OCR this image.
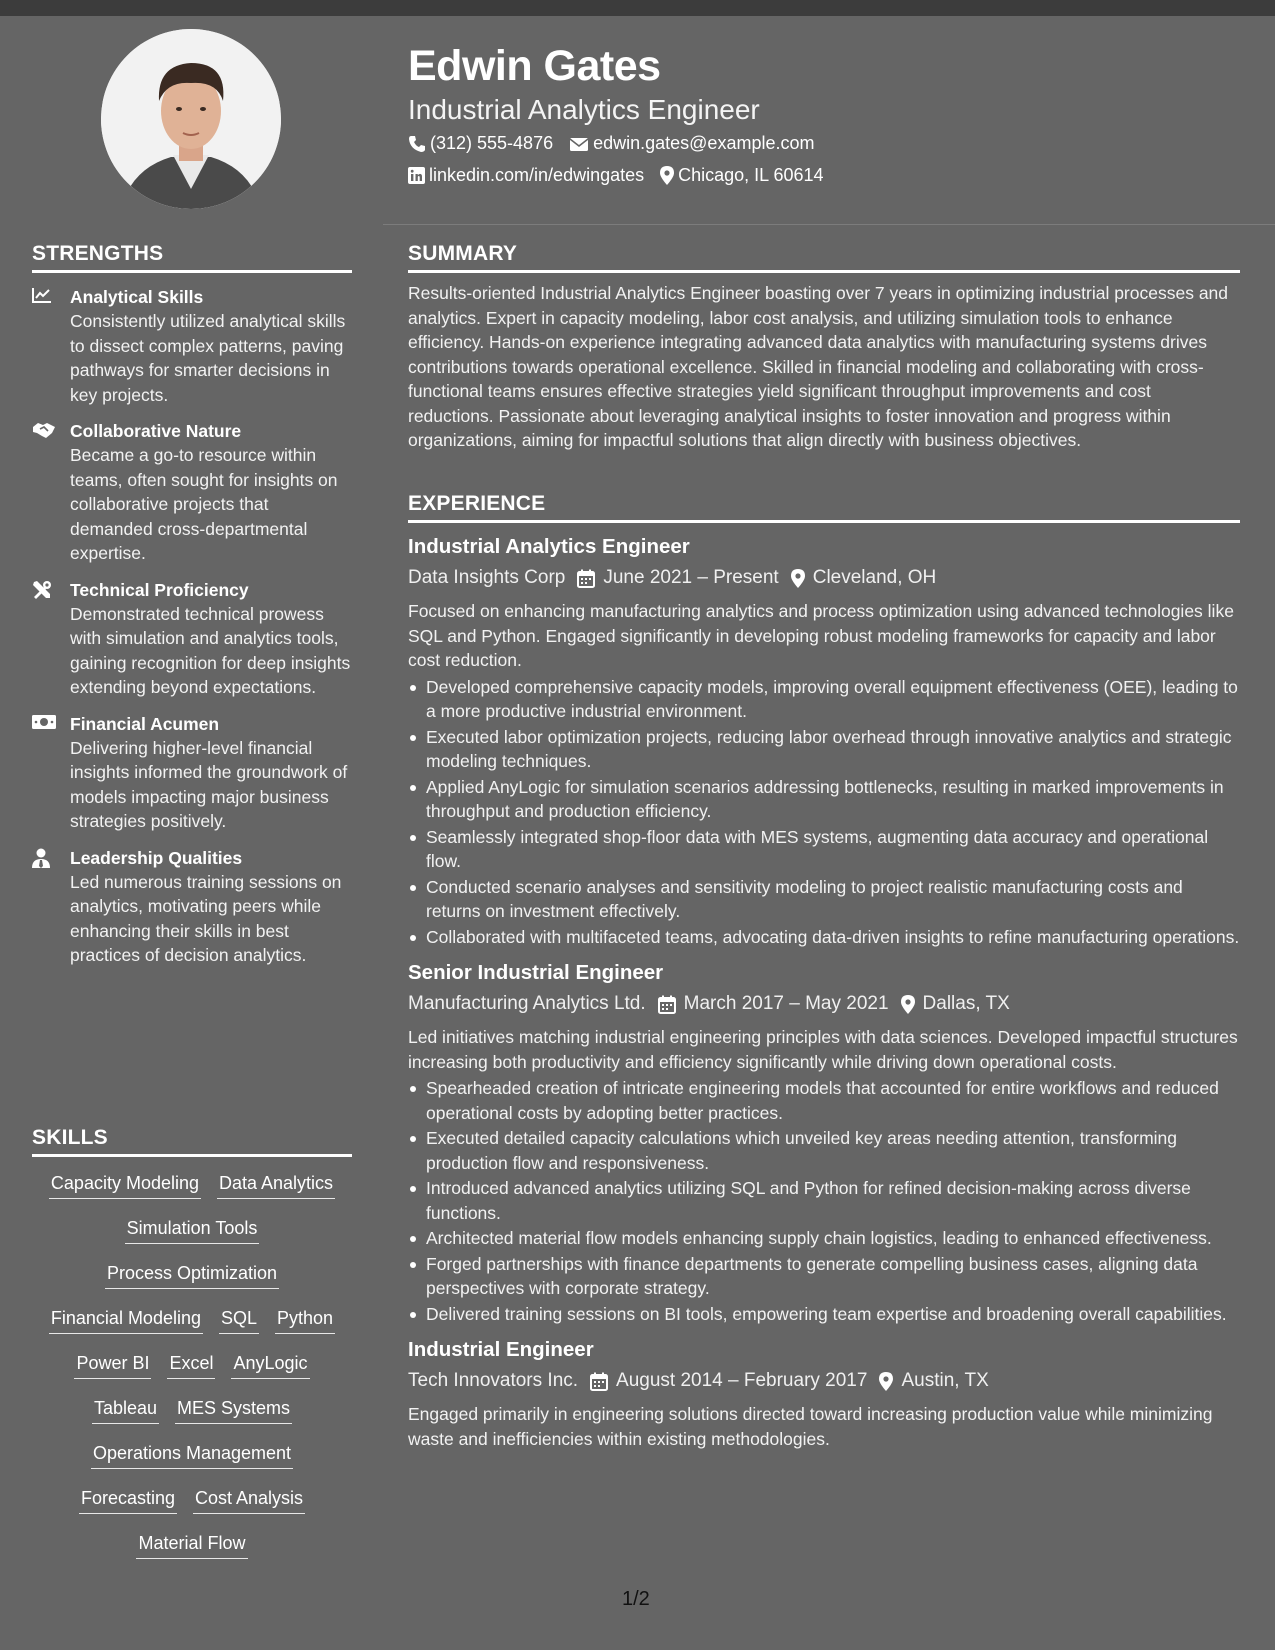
Edwin Gates
Industrial Analytics Engineer
(312) 555-4876 edwin.gates@example.com
linkedin.com/in/edwingates Chicago, IL 60614
STRENGTHS
Analytical Skills
Consistently utilized analytical skills to dissect complex patterns, paving pathways for smarter decisions in key projects.
Collaborative Nature
Became a go-to resource within teams, often sought for insights on collaborative projects that demanded cross-departmental expertise.
Technical Proficiency
Demonstrated technical prowess with simulation and analytics tools, gaining recognition for deep insights extending beyond expectations.
Financial Acumen
Delivering higher-level financial insights informed the groundwork of models impacting major business strategies positively.
Leadership Qualities
Led numerous training sessions on analytics, motivating peers while enhancing their skills in best practices of decision analytics.
SKILLS
Capacity Modeling Data Analytics
Simulation Tools
Process Optimization
Financial Modeling SQL Python
Power BI Excel AnyLogic
Tableau MES Systems
Operations Management
Forecasting Cost Analysis
Material Flow
SUMMARY

Results-oriented Industrial Analytics Engineer boasting over 7 years in optimizing industrial processes and analytics. Expert in capacity modeling, labor cost analysis, and utilizing simulation tools to enhance efficiency. Hands-on experience integrating advanced data analytics with manufacturing systems drives contributions towards operational excellence. Skilled in financial modeling and collaborating with cross-functional teams ensures effective strategies yield significant throughput improvements and cost reductions. Passionate about leveraging analytical insights to foster innovation and progress within organizations, aiming for impactful solutions that align directly with business objectives.

EXPERIENCE
Industrial Analytics Engineer
Data Insights Corp June 2021 – Present Cleveland, OH
Focused on enhancing manufacturing analytics and process optimization using advanced technologies like SQL and Python. Engaged significantly in developing robust modeling frameworks for capacity and labor cost reduction.
Developed comprehensive capacity models, improving overall equipment effectiveness (OEE), leading to a more productive industrial environment.
Executed labor optimization projects, reducing labor overhead through innovative analytics and strategic modeling techniques.
Applied AnyLogic for simulation scenarios addressing bottlenecks, resulting in marked improvements in throughput and production efficiency.
Seamlessly integrated shop-floor data with MES systems, augmenting data accuracy and operational flow.
Conducted scenario analyses and sensitivity modeling to project realistic manufacturing costs and returns on investment effectively.
Collaborated with multifaceted teams, advocating data-driven insights to refine manufacturing operations.
Senior Industrial Engineer
Manufacturing Analytics Ltd. March 2017 – May 2021 Dallas, TX
Led initiatives matching industrial engineering principles with data sciences. Developed impactful structures increasing both productivity and efficiency significantly while driving down operational costs.
Spearheaded creation of intricate engineering models that accounted for entire workflows and reduced operational costs by adopting better practices.
Executed detailed capacity calculations which unveiled key areas needing attention, transforming production flow and responsiveness.
Introduced advanced analytics utilizing SQL and Python for refined decision-making across diverse functions.
Architected material flow models enhancing supply chain logistics, leading to enhanced effectiveness.
Forged partnerships with finance departments to generate compelling business cases, aligning data perspectives with corporate strategy.
Delivered training sessions on BI tools, empowering team expertise and broadening overall capabilities.
Industrial Engineer
Tech Innovators Inc. August 2014 – February 2017 Austin, TX
Engaged primarily in engineering solutions directed toward increasing production value while minimizing waste and inefficiencies within existing methodologies.
1/2
